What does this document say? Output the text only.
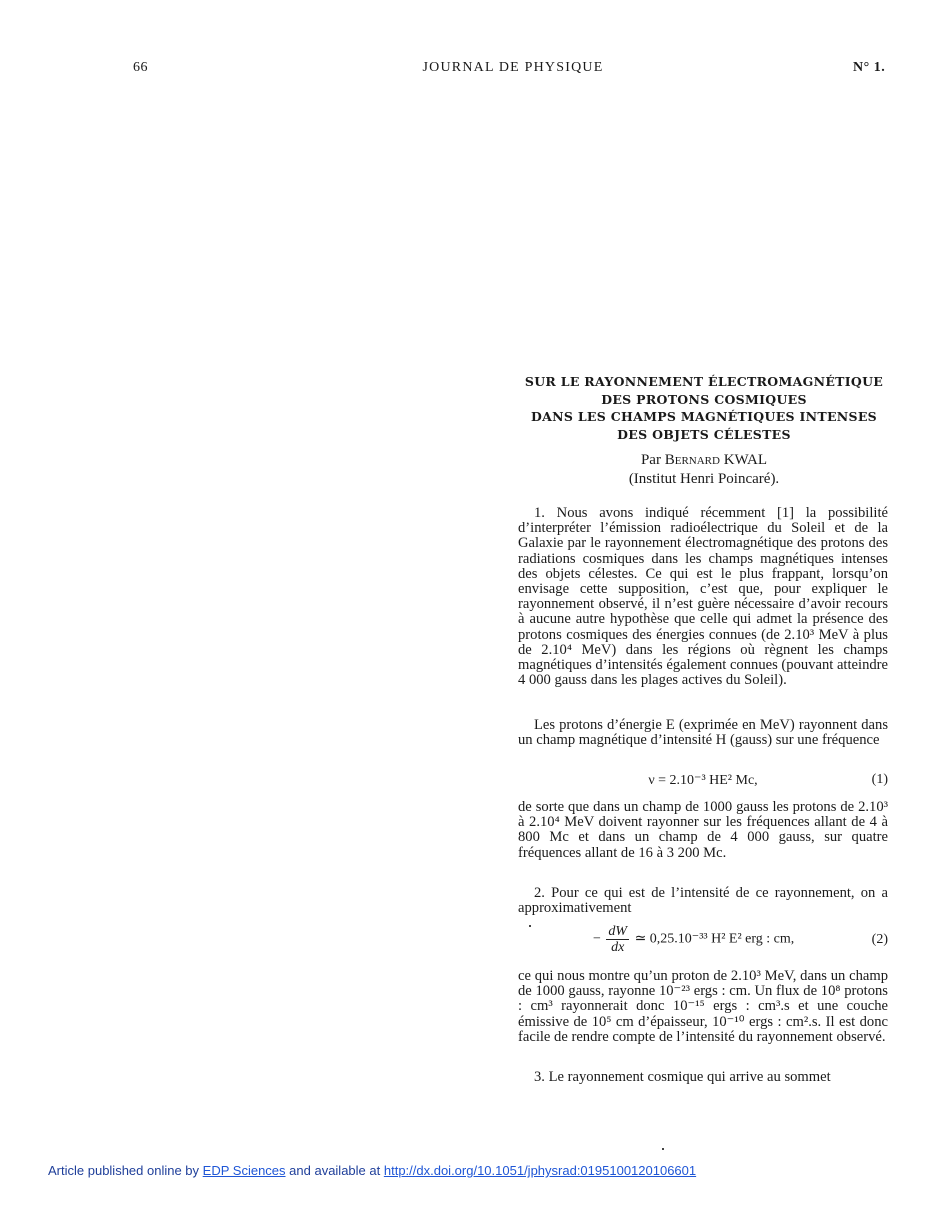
66	JOURNAL DE PHYSIQUE	N° 1.
SUR LE RAYONNEMENT ÉLECTROMAGNÉTIQUE
DES PROTONS COSMIQUES
DANS LES CHAMPS MAGNÉTIQUES INTENSES
DES OBJETS CÉLESTES
Par Bernard KWAL
(Institut Henri Poincaré).

1. Nous avons indiqué récemment [1] la possibilité d’interpréter l’émission radioélectrique du Soleil et de la Galaxie par le rayonnement électromagnétique des protons des radiations cosmiques dans les champs magnétiques intenses des objets célestes. Ce qui est le plus frappant, lorsqu’on envisage cette supposition, c’est que, pour expliquer le rayonnement observé, il n’est guère nécessaire d’avoir recours à aucune autre hypothèse que celle qui admet la présence des protons cosmiques des énergies connues (de 2.10³ MeV à plus de 2.10⁴ MeV) dans les régions où règnent les champs magnétiques d’intensités également connues (pouvant atteindre 4 000 gauss dans les plages actives du Soleil).

Les protons d’énergie E (exprimée en MeV) rayonnent dans un champ magnétique d’intensité H (gauss) sur une fréquence

ν = 2.10⁻³ HE² Mc,	(1)

de sorte que dans un champ de 1000 gauss les protons de 2.10³ à 2.10⁴ MeV doivent rayonner sur les fréquences allant de 4 à 800 Mc et dans un champ de 4 000 gauss, sur quatre fréquences allant de 16 à 3 200 Mc.

2. Pour ce qui est de l’intensité de ce rayonnement, on a approximativement

− $\frac{dW}{dx}$ ≃ 0,25.10⁻³³ H² E² erg : cm,	(2)

ce qui nous montre qu’un proton de 2.10³ MeV, dans un champ de 1000 gauss, rayonne 10⁻²³ ergs : cm. Un flux de 10⁸ protons : cm³ rayonnerait donc 10⁻¹⁵ ergs : cm³.s et une couche émissive de 10⁵ cm d’épaisseur, 10⁻¹⁰ ergs : cm².s. Il est donc facile de rendre compte de l’intensité du rayonnement observé.

3. Le rayonnement cosmique qui arrive au sommet

Article published online by EDP Sciences and available at http://dx.doi.org/10.1051/jphysrad:0195100120106601
